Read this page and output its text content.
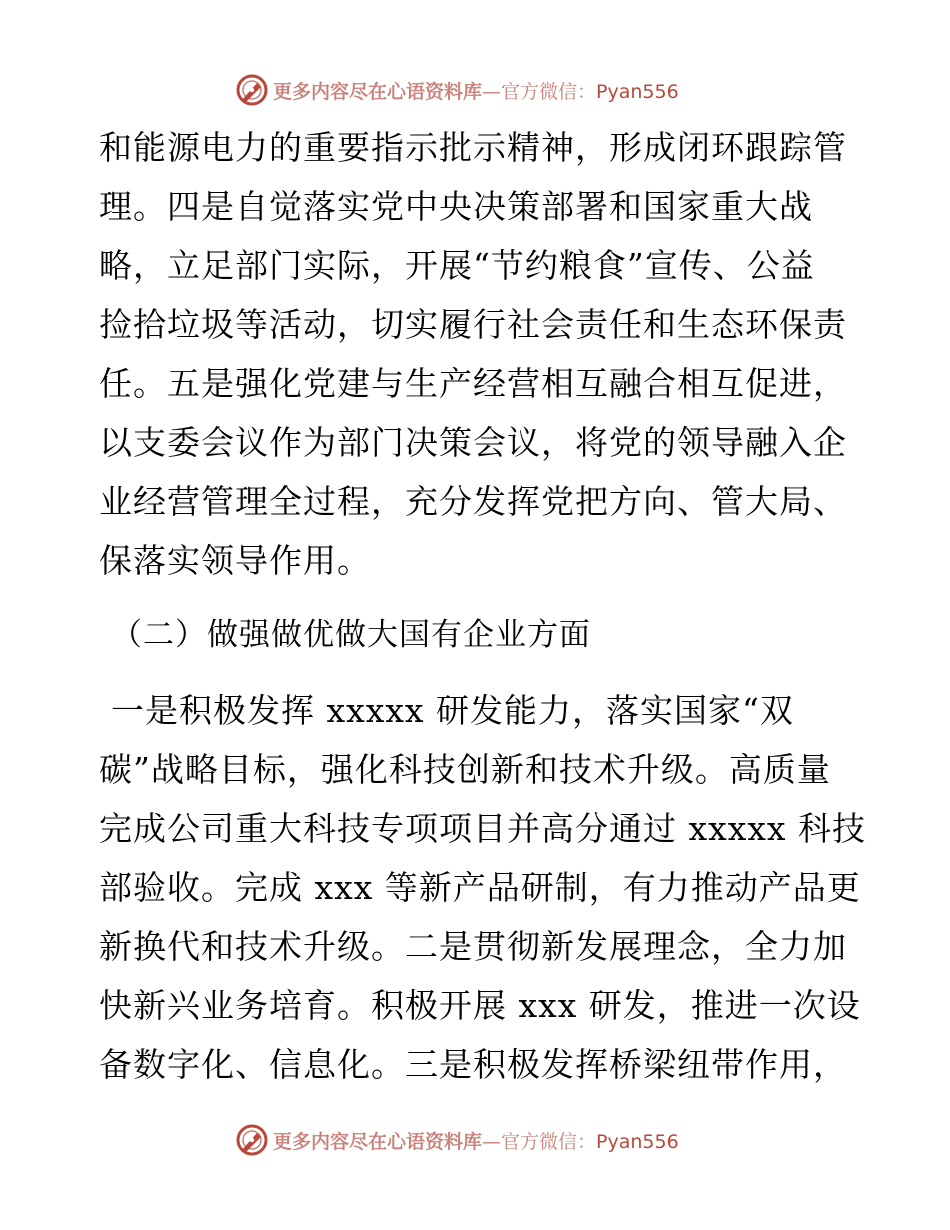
更多内容尽在心语资料库—官方微信：Pyan556
和能源电力的重要指示批示精神，形成闭环跟踪管
理。四是自觉落实党中央决策部署和国家重大战
略，立足部门实际，开展“节约粮食”宣传、公益
捡拾垃圾等活动，切实履行社会责任和生态环保责
任。五是强化党建与生产经营相互融合相互促进，
以支委会议作为部门决策会议，将党的领导融入企
业经营管理全过程，充分发挥党把方向、管大局、
保落实领导作用。
（二）做强做优做大国有企业方面
一是积极发挥 xxxxx 研发能力，落实国家“双
碳”战略目标，强化科技创新和技术升级。高质量
完成公司重大科技专项项目并高分通过 xxxxx 科技
部验收。完成 xxx 等新产品研制，有力推动产品更
新换代和技术升级。二是贯彻新发展理念，全力加
快新兴业务培育。积极开展 xxx 研发，推进一次设
备数字化、信息化。三是积极发挥桥梁纽带作用，
更多内容尽在心语资料库—官方微信：Pyan556
